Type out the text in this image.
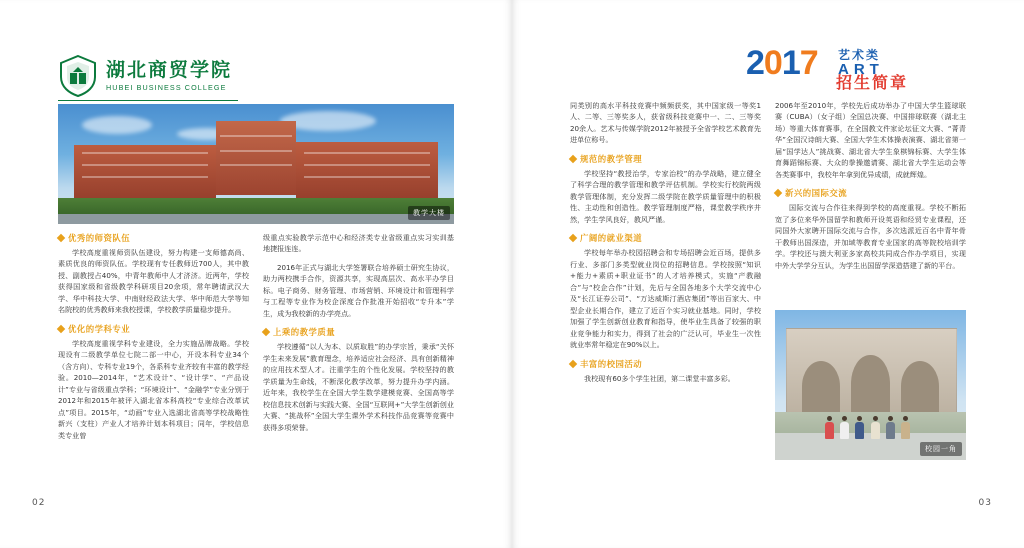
湖北商贸学院
HUBEI BUSINESS COLLEGE
教学大楼
优秀的师资队伍

学校高度重视师资队伍建设，努力构建一支师德高尚、素质优良的师资队伍。学校现有专任教师近700人，其中教授、副教授占40%，中青年教师中人才济济。近两年，学校获得国家级和省级教学科研项目20余项，常年聘请武汉大学、华中科技大学、中南财经政法大学、华中师范大学等知名院校的优秀教师来我校授课，学校教学质量稳步提升。

优化的学科专业

学校高度重视学科专业建设，全力实施品牌战略。学校现设有二级教学单位七院二部一中心，开设本科专业34个（含方向）、专科专业19个，各系科专业齐较有丰富的教学经验。2010—2014年，“艺术设计”、“设计学”、“产品设计”专业与省级重点学科；“环境设计”、“金融学”专业分别于2012年和2015年被评入湖北省本科高校“专业综合改革试点”项目。2015年，“动画”专业入选湖北省高等学校战略性新兴（支柱）产业人才培养计划本科项目；同年，学校信息类专业曾

级重点实验教学示范中心和经济类专业省级重点实习实训基地捷报连连。

2016年正式与湖北大学签署联合培养硕士研究生协议，助力两校携手合作，资源共享，实现高层次、高水平办学目标。电子商务、财务管理、市场营销、环境设计和管理科学与工程等专业作为校企深度合作批准开始招收“专升本”学生，成为我校新的办学亮点。

上乘的教学质量

学校遵循“以人为本、以质取胜”的办学宗旨，秉承“关怀学生未来发展”教育理念，培养适应社会经济、具有创新精神的应用技术型人才。注重学生的个性化发展。学校坚持的教学质量为生命线，不断深化教学改革，努力提升办学内涵。近年来，我校学生在全国大学生数学建模竞赛、全国高等学校信息技术创新与实践大赛、全国“互联网+”大学生创新创业大赛、“挑战杯”全国大学生课外学术科技作品竞赛等竞赛中获得多项荣誉。

02
2017 艺术类
ART
招生简章

同类别的高水平科技竞赛中频频获奖，其中国家级一等奖1人、二等、三等奖多人，获省级科技竞赛中一、二、三等奖20余人。艺术与传媒学院2012年被授予全省学校艺术教育先进单位称号。

规范的教学管理

学校坚持“教授治学，专家治校”的办学战略，建立健全了科学合理的教学管理和教学评估机制。学校实行校院两级教学管理体制，充分发挥二级学院在教学质量管理中的积极性、主动性和创造性。教学管理制度严格，课堂教学秩序井然，学生学风良好，教风严谨。

广阔的就业渠道

学校每年举办校园招聘会和专场招聘会近百场，提供多行业、多部门多类型就业岗位的招聘信息。学校按照“知识+能力+素质+职业证书”的人才培养模式，实施“产教融合”与“校企合作”计划，先后与全国各地多个大学交流中心及“长江证券公司”、“万达威斯汀酒店集团”等出百家大、中型企业长期合作，建立了近百个实习就业基地。同时，学校加强了学生创新创业教育和指导，使毕业生具备了较强的职业竞争能力和实力，得到了社会的广泛认可，毕业生一次性就业率常年稳定在90%以上。

丰富的校园活动

我校现有60多个学生社团，第二课堂丰富多彩。

2006年至2010年，学校先后成功举办了中国大学生篮球联赛（CUBA）（女子组）全国总决赛、中国排球联赛（湖北主场）等重大体育赛事，在全国教文件家论坛征文大赛、“菁青华”全国汉诗朗大赛、全国大学生术体操表演赛、湖北省第一届“国学达人”挑战赛、湖北省大学生象棋锦标赛、大学生体育舞蹈锦标赛、大众的拳操邀请赛、湖北省大学生运动会等各类赛事中，我校年年拿到优异成绩，成就辉煌。

新兴的国际交流

国际交流与合作往来得到学校的高度重视。学校不断拓宽了多位来华外国留学和教师开设英语和经贸专业课程，还同国外大家聘开国际交流与合作，多次选派近百名中青年骨干教师出国深造，并加域等教育专业国家的高等院校培训学学。学校还与澳大利亚多家高校共同成合作办学项目，实现中外大学学分互认，为学生出国留学深造搭建了新的平台。

校园一角
03
